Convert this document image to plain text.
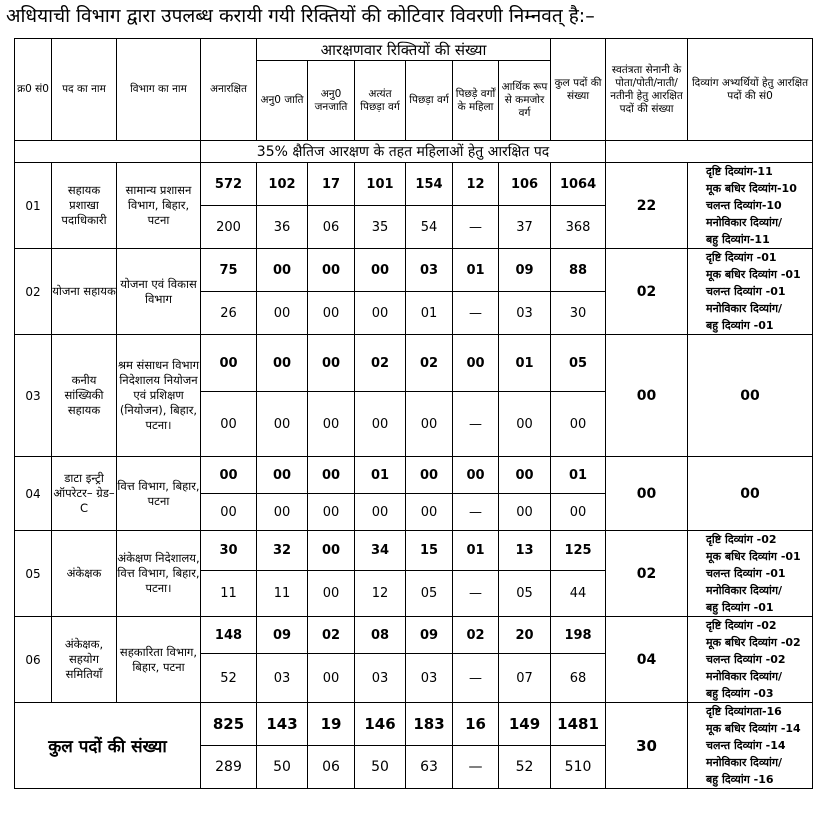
अधियाची विभाग द्वारा उपलब्ध करायी गयी रिक्तियों की कोटिवार विवरणी निम्नवत् है:–
क्र0 सं0	पद का नाम	विभाग का नाम	अनारक्षित	आरक्षणवार रिक्तियों की संख्या						कुल पदों की संख्या	स्वतंत्रता सेनानी के पोता/पोती/नाती/ नतीनी हेतु आरक्षित पदों की संख्या	दिव्यांग अभ्यर्थियों हेतु आरक्षित पदों की सं0
				अनु0 जाति	अनु0 जनजाति	अत्यंत पिछड़ा वर्ग	पिछड़ा वर्ग	पिछड़े वर्गों के महिला	आर्थिक रूप से कमजोर वर्ग			
			35% क्षैतिज आरक्षण के तहत महिलाओं हेतु आरक्षित पद									
01	सहायक प्रशाखा पदाधिकारी	सामान्य प्रशासन विभाग, बिहार, पटना	572	102	17	101	154	12	106	1064	22	दृष्टि दिव्यांग-11
मूक बधिर दिव्यांग-10
चलन्त दिव्यांग-10
मनोविकार दिव्यांग/
बहु दिव्यांग-11

			200	36	06	35	54	—	37	368		
02	योजना सहायक	योजना एवं विकास विभाग	75	00	00	00	03	01	09	88	02	दृष्टि दिव्यांग -01
मूक बधिर दिव्यांग -01
चलन्त दिव्यांग -01
मनोविकार दिव्यांग/
बहु दिव्यांग -01

			26	00	00	00	01	—	03	30		
03	कनीय सांख्यिकी सहायक	श्रम संसाधन विभाग निदेशालय नियोजन एवं प्रशिक्षण (नियोजन), बिहार, पटना।	00	00	00	02	02	00	01	05	00	00
			00	00	00	00	00	—	00	00		
04	डाटा इन्ट्री ऑपरेटर– ग्रेड–C	वित्त विभाग, बिहार, पटना	00	00	00	01	00	00	00	01	00	00
			00	00	00	00	00	—	00	00		
05	अंकेक्षक	अंकेक्षण निदेशालय, वित्त विभाग, बिहार, पटना।	30	32	00	34	15	01	13	125	02	दृष्टि दिव्यांग -02
मूक बधिर दिव्यांग -01
चलन्त दिव्यांग -01
मनोविकार दिव्यांग/
बहु दिव्यांग -01

			11	11	00	12	05	—	05	44		
06	अंकेक्षक, सहयोग समितियाँ	सहकारिता विभाग, बिहार, पटना	148	09	02	08	09	02	20	198	04	दृष्टि दिव्यांग -02
मूक बधिर दिव्यांग -02
चलन्त दिव्यांग -02
मनोविकार दिव्यांग/
बहु दिव्यांग -03

			52	03	00	03	03	—	07	68		
कुल पदों की संख्या			825	143	19	146	183	16	149	1481	30	दृष्टि दिव्यांगता-16
मूक बधिर दिव्यांग -14
चलन्त दिव्यांग -14
मनोविकार दिव्यांग/
बहु दिव्यांग -16

			289	50	06	50	63	—	52	510		
